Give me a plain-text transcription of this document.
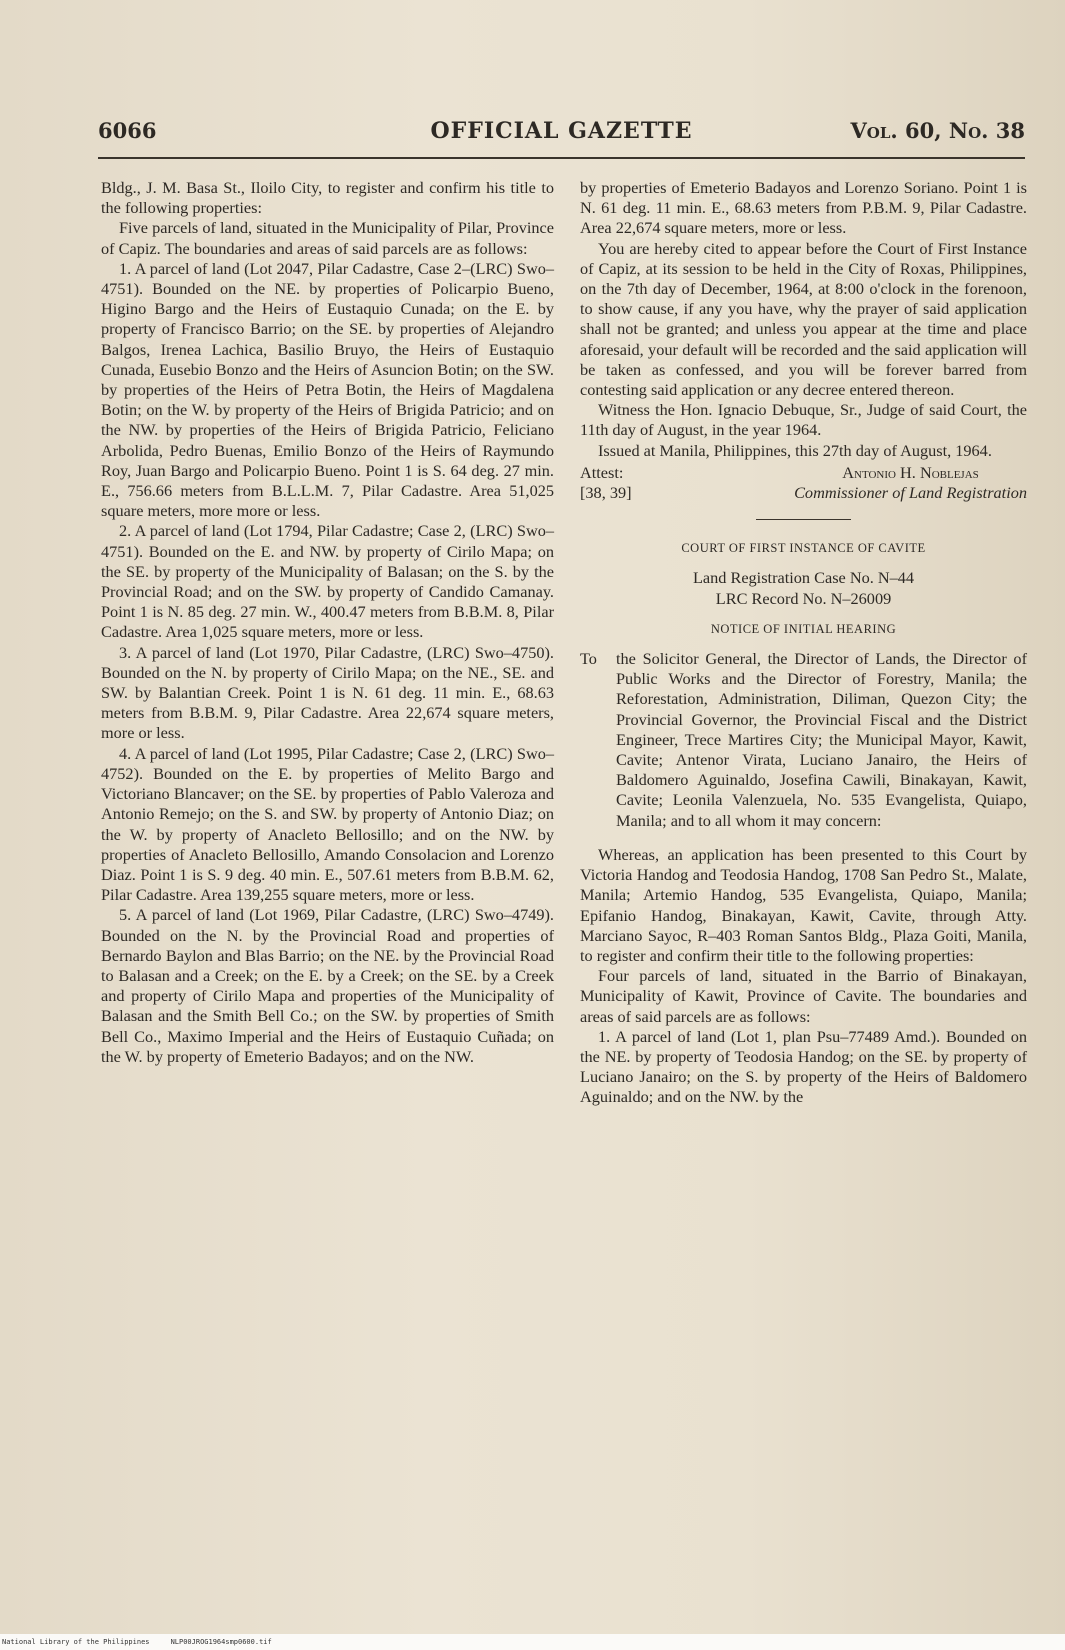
6066	OFFICIAL GAZETTE	Vol. 60, No. 38

Bldg., J. M. Basa St., Iloilo City, to register and confirm his title to the following properties:

Five parcels of land, situated in the Municipality of Pilar, Province of Capiz. The boundaries and areas of said parcels are as follows:

1. A parcel of land (Lot 2047, Pilar Cadastre, Case 2–(LRC) Swo–4751). Bounded on the NE. by properties of Policarpio Bueno, Higino Bargo and the Heirs of Eustaquio Cunada; on the E. by property of Francisco Barrio; on the SE. by properties of Alejandro Balgos, Irenea Lachica, Basilio Bruyo, the Heirs of Eustaquio Cunada, Eusebio Bonzo and the Heirs of Asuncion Botin; on the SW. by properties of the Heirs of Petra Botin, the Heirs of Magdalena Botin; on the W. by property of the Heirs of Brigida Patricio; and on the NW. by properties of the Heirs of Brigida Patricio, Feliciano Arbolida, Pedro Buenas, Emilio Bonzo of the Heirs of Raymundo Roy, Juan Bargo and Policarpio Bueno. Point 1 is S. 64 deg. 27 min. E., 756.66 meters from B.L.L.M. 7, Pilar Cadastre. Area 51,025 square meters, more more or less.

2. A parcel of land (Lot 1794, Pilar Cadastre; Case 2, (LRC) Swo–4751). Bounded on the E. and NW. by property of Cirilo Mapa; on the SE. by property of the Municipality of Balasan; on the S. by the Provincial Road; and on the SW. by property of Candido Camanay. Point 1 is N. 85 deg. 27 min. W., 400.47 meters from B.B.M. 8, Pilar Cadastre. Area 1,025 square meters, more or less.

3. A parcel of land (Lot 1970, Pilar Cadastre, (LRC) Swo–4750). Bounded on the N. by property of Cirilo Mapa; on the NE., SE. and SW. by Balantian Creek. Point 1 is N. 61 deg. 11 min. E., 68.63 meters from B.B.M. 9, Pilar Cadastre. Area 22,674 square meters, more or less.

4. A parcel of land (Lot 1995, Pilar Cadastre; Case 2, (LRC) Swo–4752). Bounded on the E. by properties of Melito Bargo and Victoriano Blancaver; on the SE. by properties of Pablo Valeroza and Antonio Remejo; on the S. and SW. by property of Antonio Diaz; on the W. by property of Anacleto Bellosillo; and on the NW. by properties of Anacleto Bellosillo, Amando Consolacion and Lorenzo Diaz. Point 1 is S. 9 deg. 40 min. E., 507.61 meters from B.B.M. 62, Pilar Cadastre. Area 139,255 square meters, more or less.

5. A parcel of land (Lot 1969, Pilar Cadastre, (LRC) Swo–4749). Bounded on the N. by the Provincial Road and properties of Bernardo Baylon and Blas Barrio; on the NE. by the Provincial Road to Balasan and a Creek; on the E. by a Creek; on the SE. by a Creek and property of Cirilo Mapa and properties of the Municipality of Balasan and the Smith Bell Co.; on the SW. by properties of Smith Bell Co., Maximo Imperial and the Heirs of Eustaquio Cuñada; on the W. by property of Emeterio Badayos; and on the NW.

by properties of Emeterio Badayos and Lorenzo Soriano. Point 1 is N. 61 deg. 11 min. E., 68.63 meters from P.B.M. 9, Pilar Cadastre. Area 22,674 square meters, more or less.

You are hereby cited to appear before the Court of First Instance of Capiz, at its session to be held in the City of Roxas, Philippines, on the 7th day of December, 1964, at 8:00 o'clock in the forenoon, to show cause, if any you have, why the prayer of said application shall not be granted; and unless you appear at the time and place aforesaid, your default will be recorded and the said application will be taken as confessed, and you will be forever barred from contesting said application or any decree entered thereon.

Witness the Hon. Ignacio Debuque, Sr., Judge of said Court, the 11th day of August, in the year 1964.

Issued at Manila, Philippines, this 27th day of August, 1964.

Attest:
[38, 39]
Antonio H. Noblejas
Commissioner of Land Registration
COURT OF FIRST INSTANCE OF CAVITE
Land Registration Case No. N–44
LRC Record No. N–26009
NOTICE OF INITIAL HEARING
To	the Solicitor General, the Director of Lands, the Director of Public Works and the Director of Forestry, Manila; the Reforestation, Administration, Diliman, Quezon City; the Provincial Governor, the Provincial Fiscal and the District Engineer, Trece Martires City; the Municipal Mayor, Kawit, Cavite; Antenor Virata, Luciano Janairo, the Heirs of Baldomero Aguinaldo, Josefina Cawili, Binakayan, Kawit, Cavite; Leonila Valenzuela, No. 535 Evangelista, Quiapo, Manila; and to all whom it may concern:

Whereas, an application has been presented to this Court by Victoria Handog and Teodosia Handog, 1708 San Pedro St., Malate, Manila; Artemio Handog, 535 Evangelista, Quiapo, Manila; Epifanio Handog, Binakayan, Kawit, Cavite, through Atty. Marciano Sayoc, R–403 Roman Santos Bldg., Plaza Goiti, Manila, to register and confirm their title to the following properties:

Four parcels of land, situated in the Barrio of Binakayan, Municipality of Kawit, Province of Cavite. The boundaries and areas of said parcels are as follows:

1. A parcel of land (Lot 1, plan Psu–77489 Amd.). Bounded on the NE. by property of Teodosia Handog; on the SE. by property of Luciano Janairo; on the S. by property of the Heirs of Baldomero Aguinaldo; and on the NW. by the

National Library of the Philippines     NLP00JROG1964smp0600.tif
